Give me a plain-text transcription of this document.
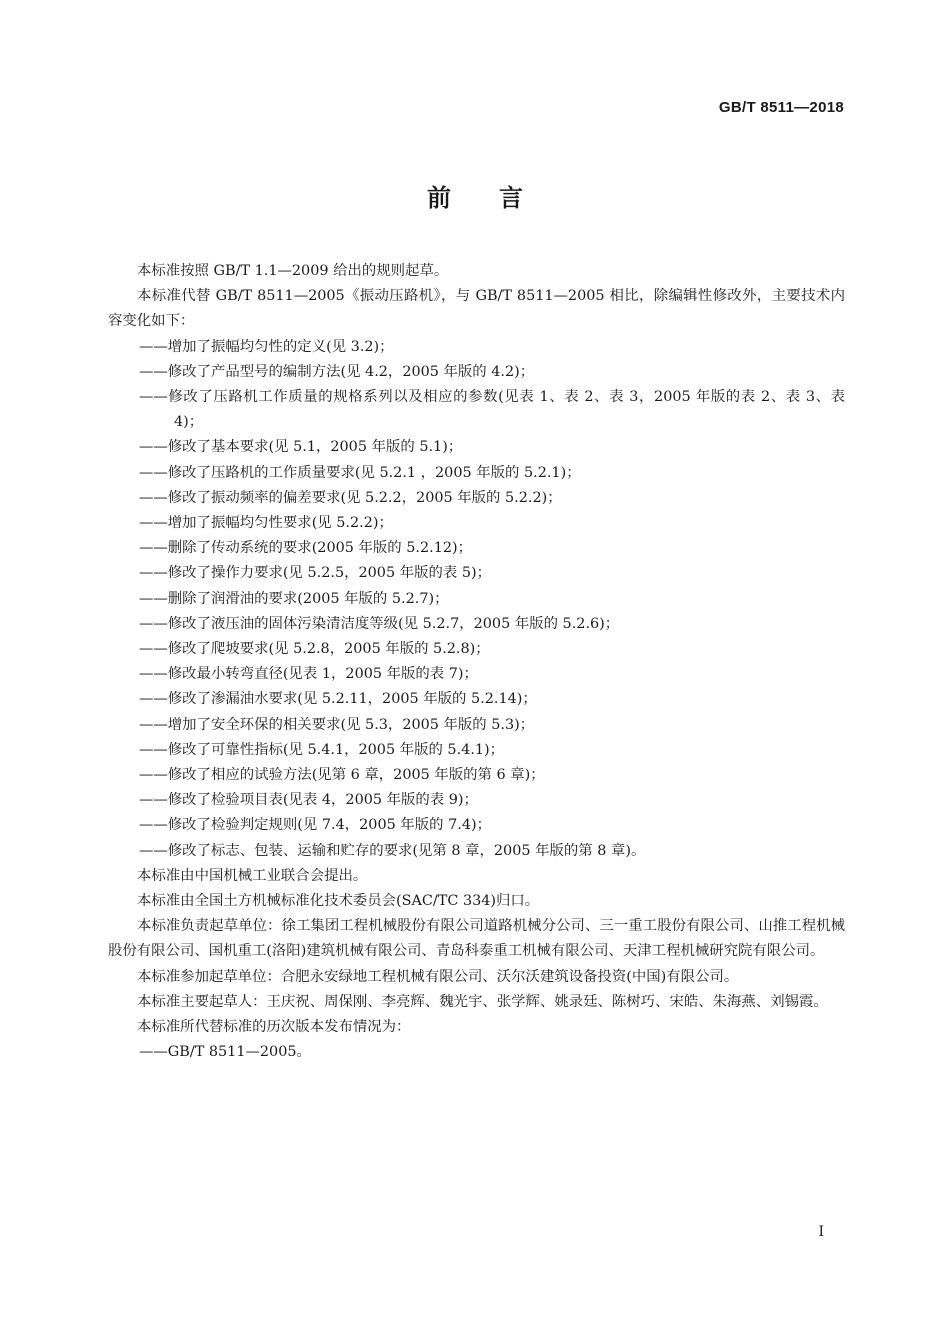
GB/T 8511—2018
前言

本标准按照 GB/T 1.1—2009 给出的规则起草。

本标准代替 GB/T 8511—2005《振动压路机》，与 GB/T 8511—2005 相比，除编辑性修改外，主要技术内容变化如下：

——增加了振幅均匀性的定义(见 3.2)；

——修改了产品型号的编制方法(见 4.2，2005 年版的 4.2)；

——修改了压路机工作质量的规格系列以及相应的参数(见表 1、表 2、表 3，2005 年版的表 2、表 3、表 4)；

——修改了基本要求(见 5.1，2005 年版的 5.1)；

——修改了压路机的工作质量要求(见 5.2.1 ，2005 年版的 5.2.1)；

——修改了振动频率的偏差要求(见 5.2.2，2005 年版的 5.2.2)；

——增加了振幅均匀性要求(见 5.2.2)；

——删除了传动系统的要求(2005 年版的 5.2.12)；

——修改了操作力要求(见 5.2.5，2005 年版的表 5)；

——删除了润滑油的要求(2005 年版的 5.2.7)；

——修改了液压油的固体污染清洁度等级(见 5.2.7，2005 年版的 5.2.6)；

——修改了爬坡要求(见 5.2.8，2005 年版的 5.2.8)；

——修改最小转弯直径(见表 1，2005 年版的表 7)；

——修改了渗漏油水要求(见 5.2.11，2005 年版的 5.2.14)；

——增加了安全环保的相关要求(见 5.3，2005 年版的 5.3)；

——修改了可靠性指标(见 5.4.1，2005 年版的 5.4.1)；

——修改了相应的试验方法(见第 6 章，2005 年版的第 6 章)；

——修改了检验项目表(见表 4，2005 年版的表 9)；

——修改了检验判定规则(见 7.4，2005 年版的 7.4)；

——修改了标志、包装、运输和贮存的要求(见第 8 章，2005 年版的第 8 章)。

本标准由中国机械工业联合会提出。

本标准由全国土方机械标准化技术委员会(SAC/TC 334)归口。

本标准负责起草单位：徐工集团工程机械股份有限公司道路机械分公司、三一重工股份有限公司、山推工程机械股份有限公司、国机重工(洛阳)建筑机械有限公司、青岛科泰重工机械有限公司、天津工程机械研究院有限公司。

本标准参加起草单位：合肥永安绿地工程机械有限公司、沃尔沃建筑设备投资(中国)有限公司。

本标准主要起草人：王庆祝、周保刚、李亮辉、魏光宇、张学辉、姚录廷、陈树巧、宋皓、朱海燕、刘锡霞。

本标准所代替标准的历次版本发布情况为：

——GB/T 8511—2005。

I
